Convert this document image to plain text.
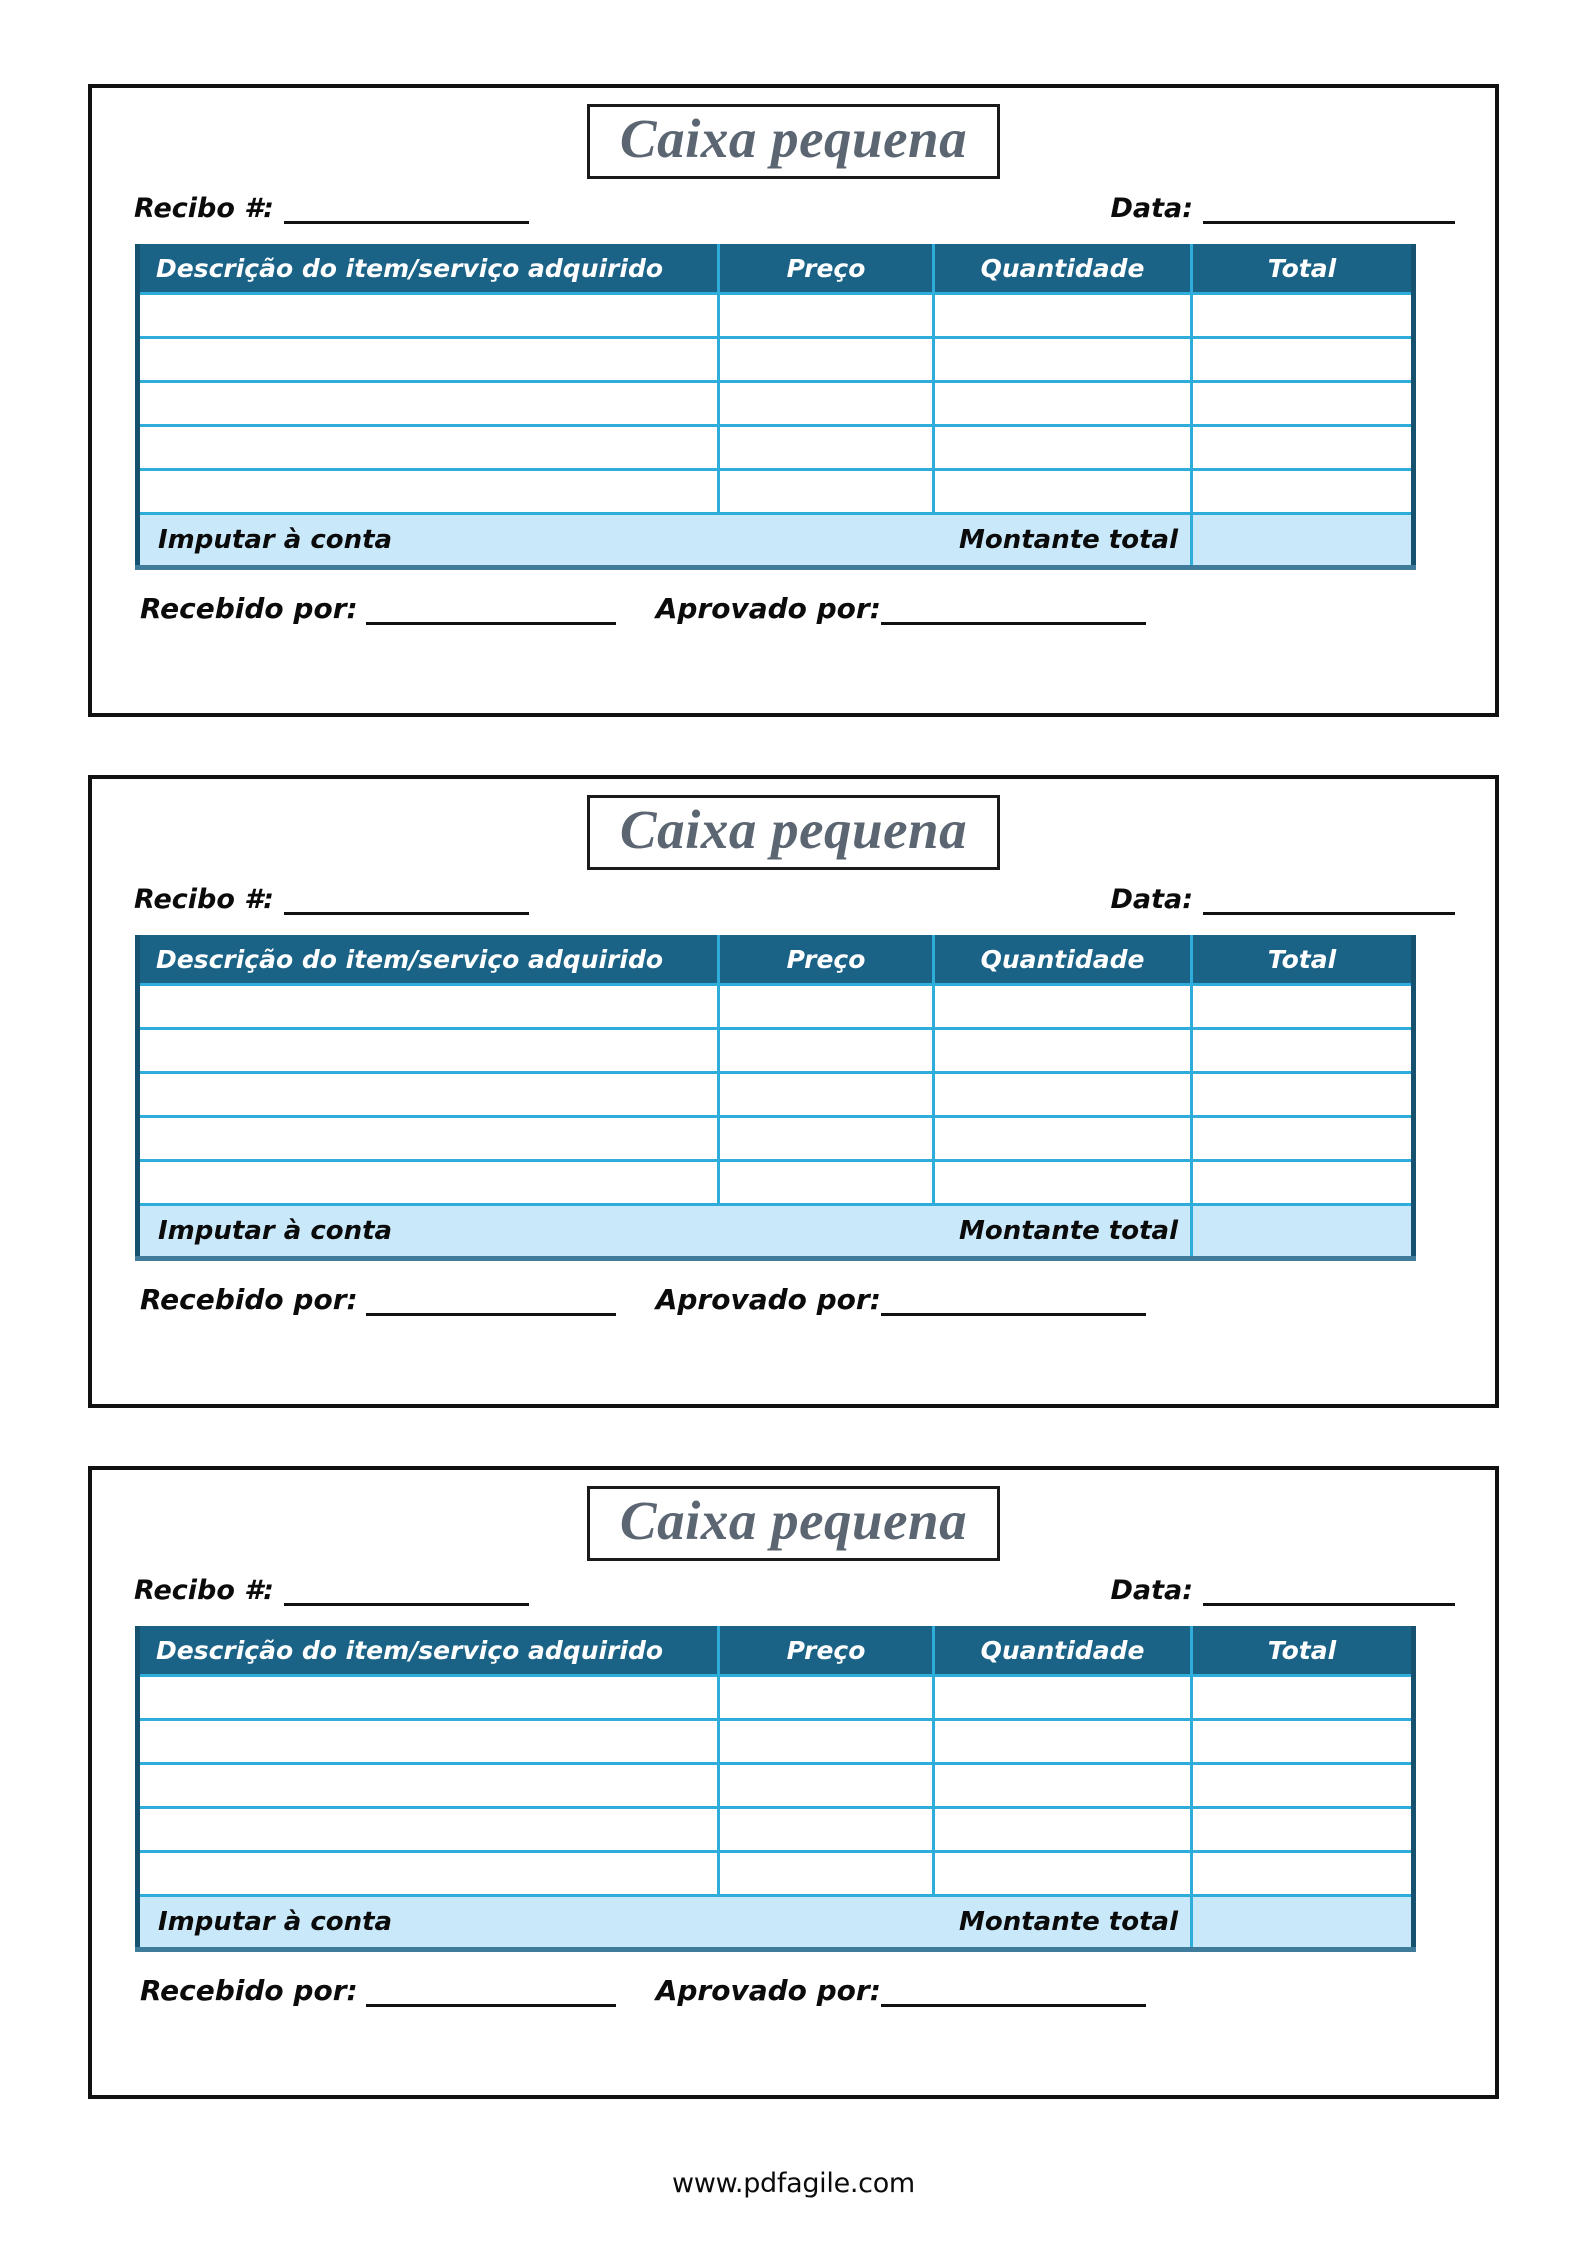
Caixa pequena
Recibo #:	Data:
Descrição do item/serviço adquirido	Preço	Quantidade	Total

Imputar à conta		Montante total	
Recebido por:	Aprovado por:
Caixa pequena
Recibo #:	Data:
Descrição do item/serviço adquirido	Preço	Quantidade	Total

Imputar à conta		Montante total	
Recebido por:	Aprovado por:
Caixa pequena
Recibo #:	Data:
Descrição do item/serviço adquirido	Preço	Quantidade	Total

Imputar à conta		Montante total	
Recebido por:	Aprovado por:
www.pdfagile.com
